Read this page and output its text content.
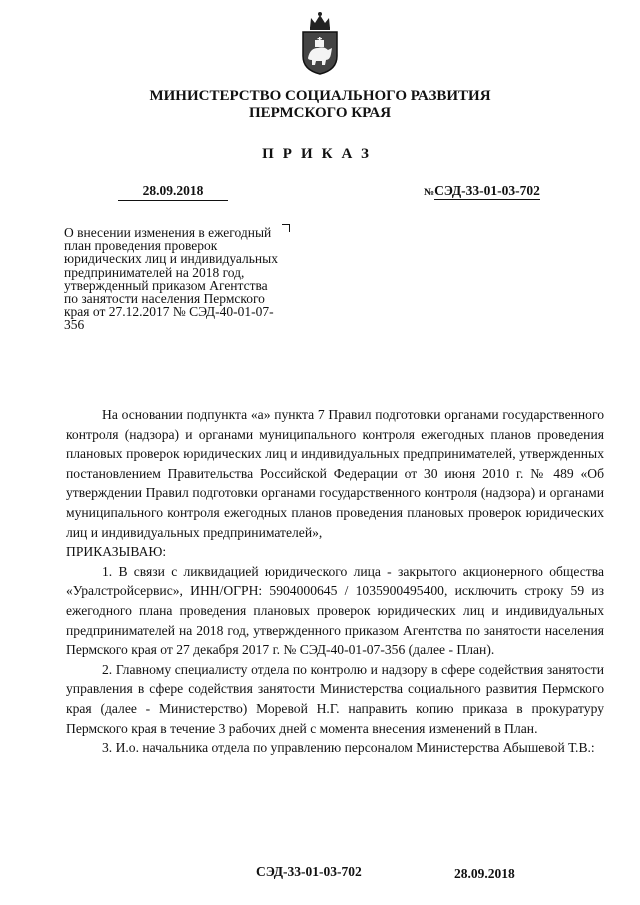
МИНИСТЕРСТВО СОЦИАЛЬНОГО РАЗВИТИЯ
ПЕРМСКОГО КРАЯ
ПРИКАЗ
28.09.2018	№СЭД-33-01-03-702
О внесении изменения в ежегодный план проведения проверок юридических лиц и индивидуальных предпринимателей на 2018 год, утвержденный приказом Агентства по занятости населения Пермского края от 27.12.2017 № СЭД-40-01-07-356

На основании подпункта «а» пункта 7 Правил подготовки органами государственного контроля (надзора) и органами муниципального контроля ежегодных планов проведения плановых проверок юридических лиц и индивидуальных предпринимателей, утвержденных постановлением Правительства Российской Федерации от 30 июня 2010 г. № 489 «Об утверждении Правил подготовки органами государственного контроля (надзора) и органами муниципального контроля ежегодных планов проведения плановых проверок юридических лиц и индивидуальных предпринимателей»,

ПРИКАЗЫВАЮ:

1. В связи с ликвидацией юридического лица - закрытого акционерного общества «Уралстройсервис», ИНН/ОГРН: 5904000645 / 1035900495400, исключить строку 59 из ежегодного плана проведения плановых проверок юридических лиц и индивидуальных предпринимателей на 2018 год, утвержденного приказом Агентства по занятости населения Пермского края от 27 декабря 2017 г. № СЭД-40-01-07-356 (далее - План).

2. Главному специалисту отдела по контролю и надзору в сфере содействия занятости управления в сфере содействия занятости Министерства социального развития Пермского края (далее - Министерство) Моревой Н.Г. направить копию приказа в прокуратуру Пермского края в течение 3 рабочих дней с момента внесения изменений в План.

3. И.о. начальника отдела по управлению персоналом Министерства Абышевой Т.В.:

СЭД-33-01-03-702	28.09.2018
